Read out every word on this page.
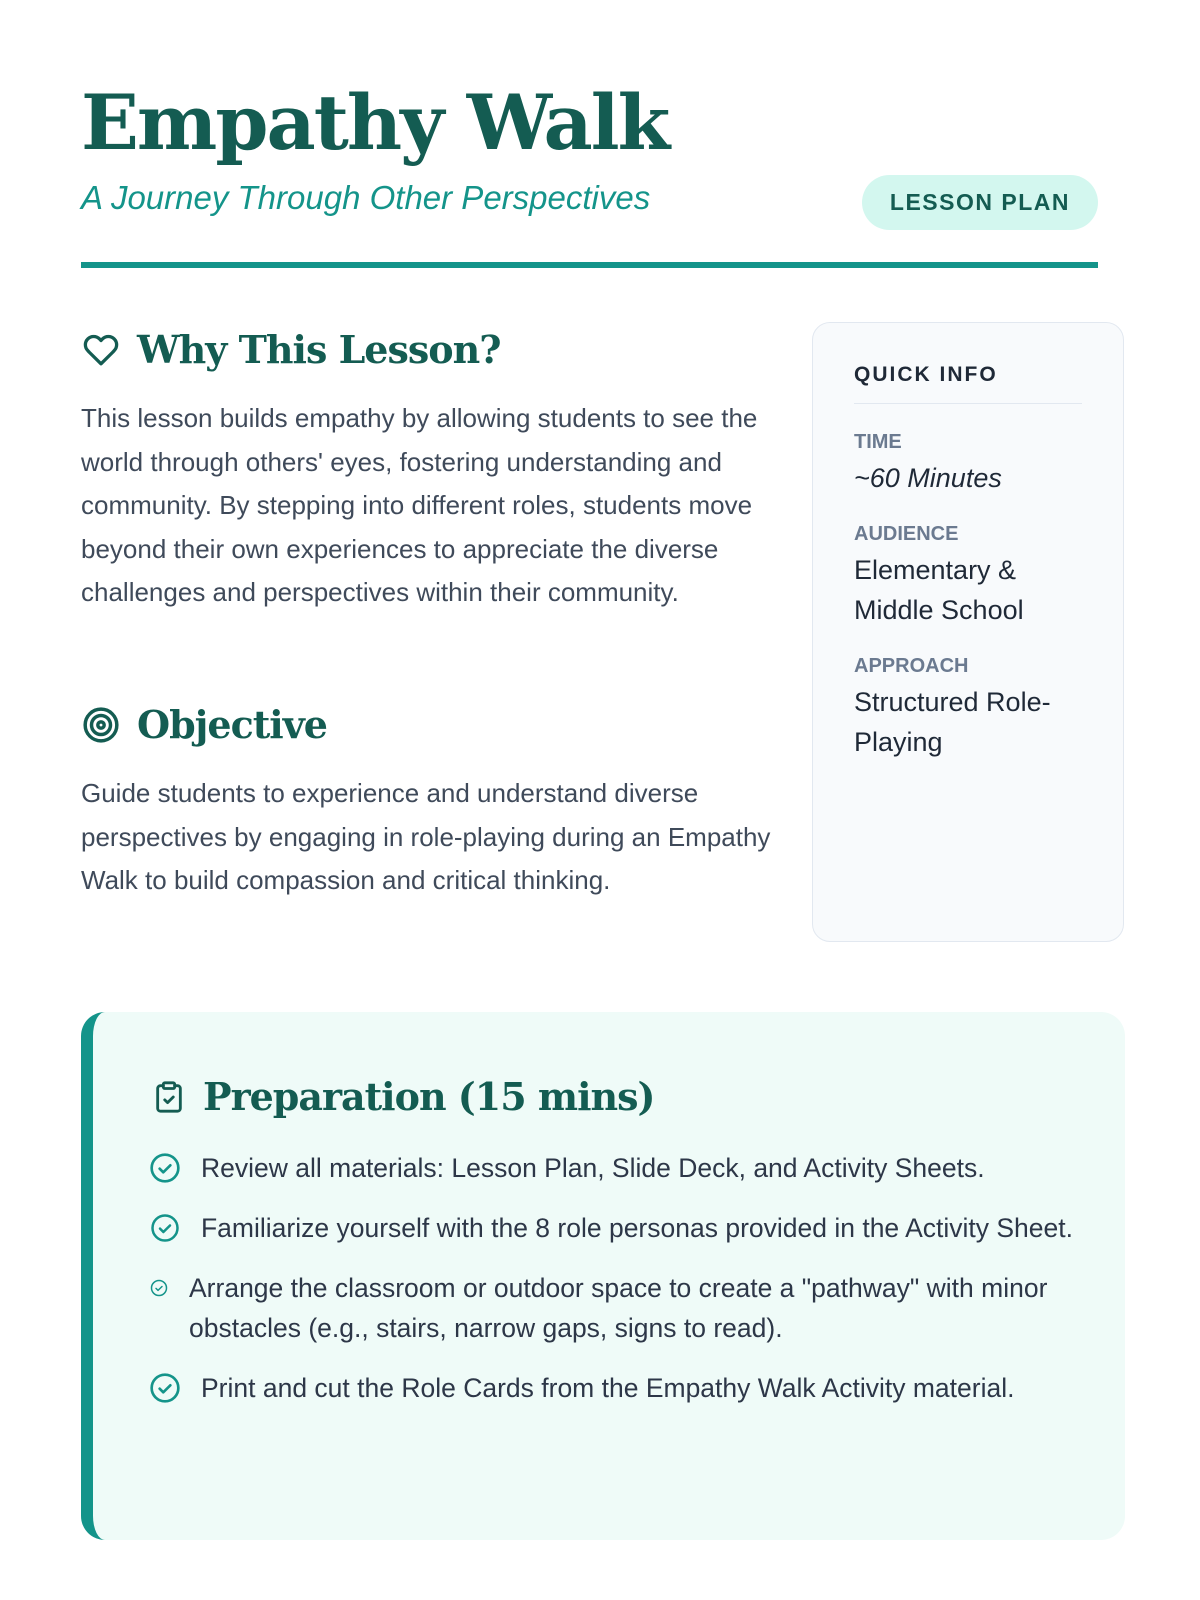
Empathy Walk

A Journey Through Other Perspectives	LESSON PLAN
Why This Lesson?

This lesson builds empathy by allowing students to see the world through others' eyes, fostering understanding and community. By stepping into different roles, students move beyond their own experiences to appreciate the diverse challenges and perspectives within their community.

Objective

Guide students to experience and understand diverse perspectives by engaging in role-playing during an Empathy Walk to build compassion and critical thinking.

QUICK INFO
TIME
~60 Minutes
AUDIENCE
Elementary & Middle School
APPROACH
Structured Role-Playing
Preparation (15 mins)
Review all materials: Lesson Plan, Slide Deck, and Activity Sheets.
Familiarize yourself with the 8 role personas provided in the Activity Sheet.
Arrange the classroom or outdoor space to create a "pathway" with minor obstacles (e.g., stairs, narrow gaps, signs to read).
Print and cut the Role Cards from the Empathy Walk Activity material.
